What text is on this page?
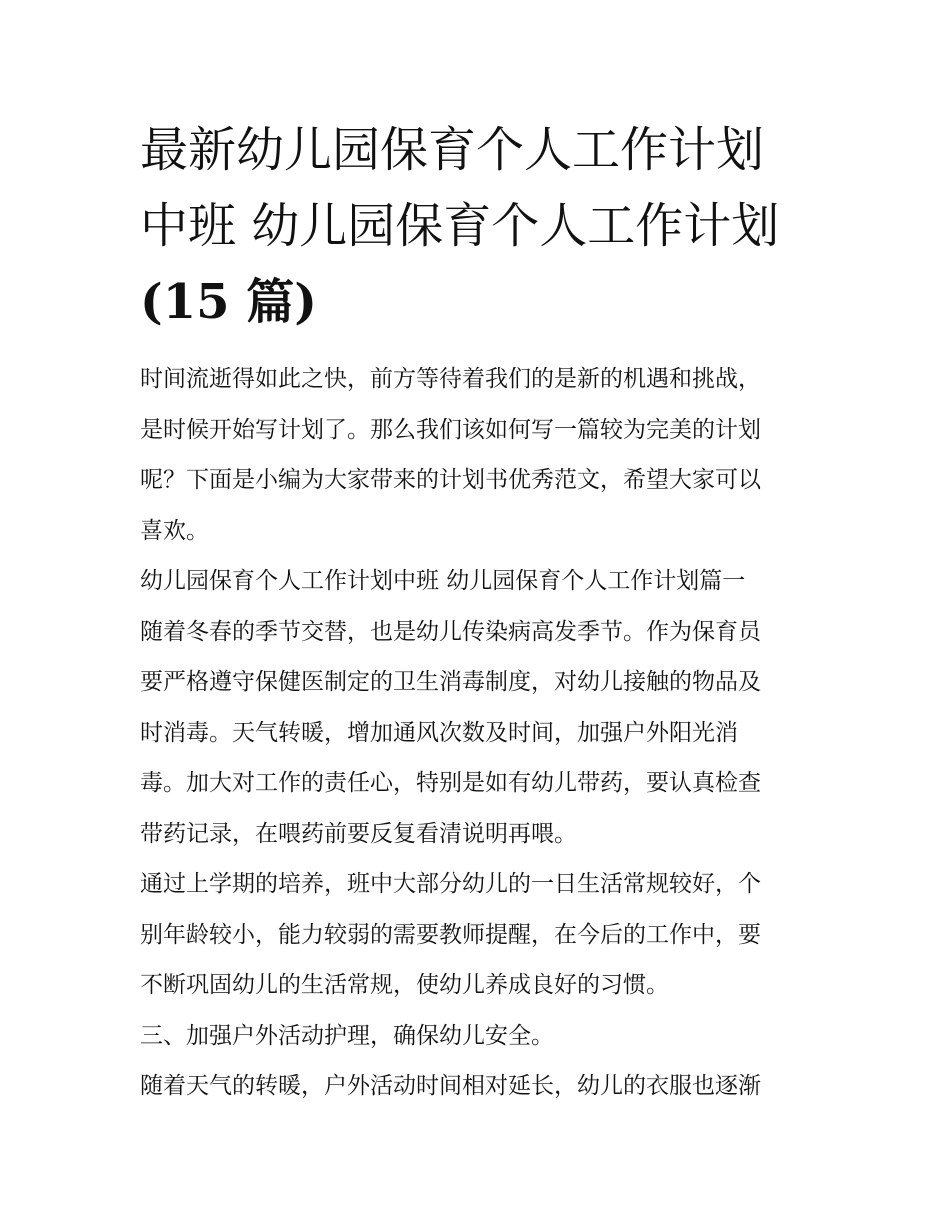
最新幼儿园保育个人工作计划
中班 幼儿园保育个人工作计划
(15 篇)

时间流逝得如此之快，前方等待着我们的是新的机遇和挑战，
是时候开始写计划了。那么我们该如何写一篇较为完美的计划
呢？下面是小编为大家带来的计划书优秀范文，希望大家可以
喜欢。

幼儿园保育个人工作计划中班 幼儿园保育个人工作计划篇一

随着冬春的季节交替，也是幼儿传染病高发季节。作为保育员
要严格遵守保健医制定的卫生消毒制度，对幼儿接触的物品及
时消毒。天气转暖，增加通风次数及时间，加强户外阳光消
毒。加大对工作的责任心，特别是如有幼儿带药，要认真检查
带药记录，在喂药前要反复看清说明再喂。

通过上学期的培养，班中大部分幼儿的一日生活常规较好，个
别年龄较小，能力较弱的需要教师提醒，在今后的工作中，要
不断巩固幼儿的生活常规，使幼儿养成良好的习惯。

三、加强户外活动护理，确保幼儿安全。

随着天气的转暖，户外活动时间相对延长，幼儿的衣服也逐渐
